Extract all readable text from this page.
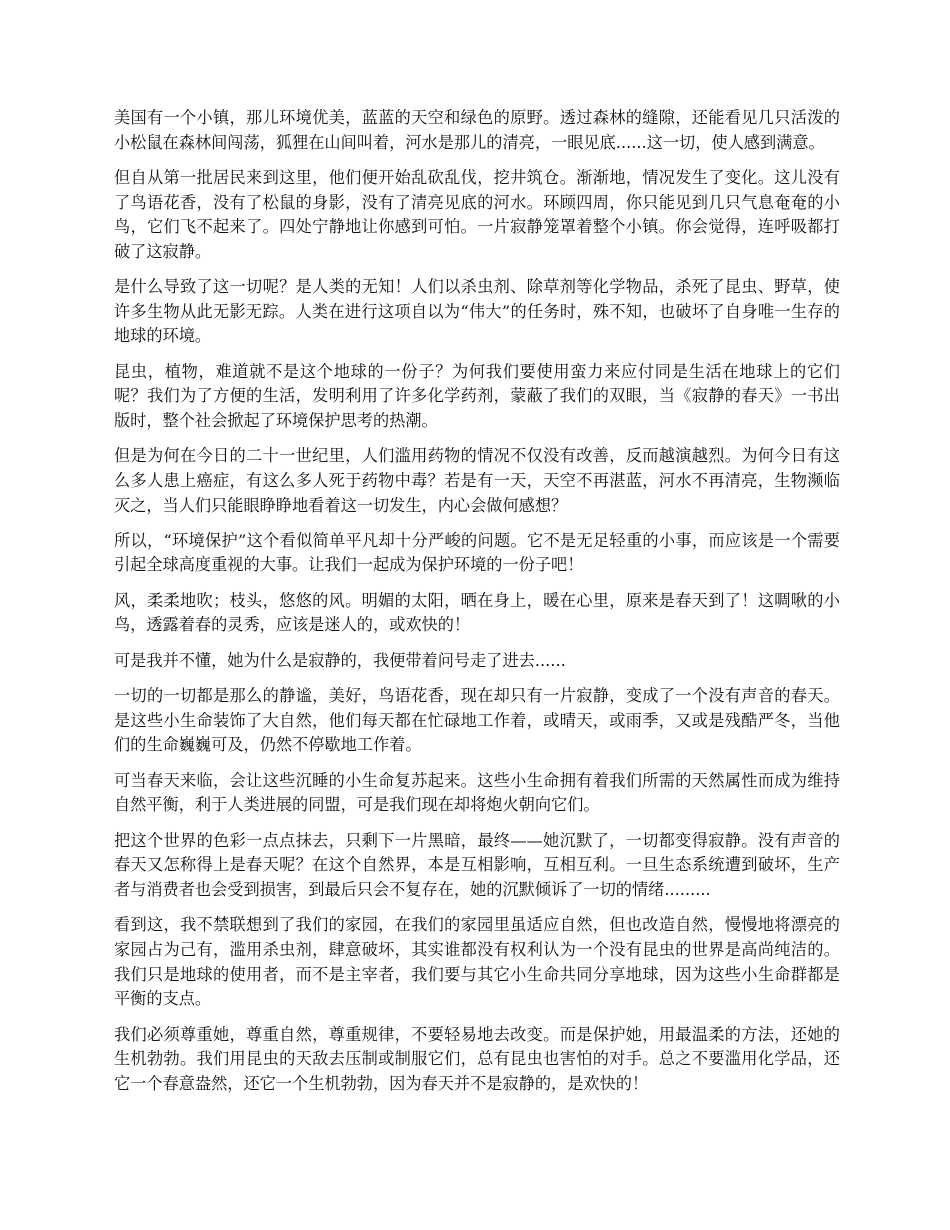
美国有一个小镇，那儿环境优美，蓝蓝的天空和绿色的原野。透过森林的缝隙，还能看见几只活泼的小松鼠在森林间闯荡，狐狸在山间叫着，河水是那儿的清亮，一眼见底......这一切，使人感到满意。

但自从第一批居民来到这里，他们便开始乱砍乱伐，挖井筑仓。渐渐地，情况发生了变化。这儿没有了鸟语花香，没有了松鼠的身影，没有了清亮见底的河水。环顾四周，你只能见到几只气息奄奄的小鸟，它们飞不起来了。四处宁静地让你感到可怕。一片寂静笼罩着整个小镇。你会觉得，连呼吸都打破了这寂静。

是什么导致了这一切呢？是人类的无知！人们以杀虫剂、除草剂等化学物品，杀死了昆虫、野草，使许多生物从此无影无踪。人类在进行这项自以为“伟大”的任务时，殊不知，也破坏了自身唯一生存的地球的环境。

昆虫，植物，难道就不是这个地球的一份子？为何我们要使用蛮力来应付同是生活在地球上的它们呢？我们为了方便的生活，发明利用了许多化学药剂，蒙蔽了我们的双眼，当《寂静的春天》一书出版时，整个社会掀起了环境保护思考的热潮。

但是为何在今日的二十一世纪里，人们滥用药物的情况不仅没有改善，反而越演越烈。为何今日有这么多人患上癌症，有这么多人死于药物中毒？若是有一天，天空不再湛蓝，河水不再清亮，生物濒临灭之，当人们只能眼睁睁地看着这一切发生，内心会做何感想？

所以，“环境保护”这个看似简单平凡却十分严峻的问题。它不是无足轻重的小事，而应该是一个需要引起全球高度重视的大事。让我们一起成为保护环境的一份子吧！

风，柔柔地吹；枝头，悠悠的风。明媚的太阳，晒在身上，暖在心里，原来是春天到了！这啁啾的小鸟，透露着春的灵秀，应该是迷人的，或欢快的！

可是我并不懂，她为什么是寂静的，我便带着问号走了进去......

一切的一切都是那么的静谧，美好，鸟语花香，现在却只有一片寂静，变成了一个没有声音的春天。是这些小生命装饰了大自然，他们每天都在忙碌地工作着，或晴天，或雨季，又或是残酷严冬，当他们的生命巍巍可及，仍然不停歇地工作着。

可当春天来临，会让这些沉睡的小生命复苏起来。这些小生命拥有着我们所需的天然属性而成为维持自然平衡，利于人类进展的同盟，可是我们现在却将炮火朝向它们。

把这个世界的色彩一点点抹去，只剩下一片黑暗，最终——她沉默了，一切都变得寂静。没有声音的春天又怎称得上是春天呢？在这个自然界，本是互相影响，互相互利。一旦生态系统遭到破坏，生产者与消费者也会受到损害，到最后只会不复存在，她的沉默倾诉了一切的情绪.........

看到这，我不禁联想到了我们的家园，在我们的家园里虽适应自然，但也改造自然，慢慢地将漂亮的家园占为己有，滥用杀虫剂，肆意破坏，其实谁都没有权利认为一个没有昆虫的世界是高尚纯洁的。我们只是地球的使用者，而不是主宰者，我们要与其它小生命共同分享地球，因为这些小生命群都是平衡的支点。

我们必须尊重她，尊重自然，尊重规律，不要轻易地去改变。而是保护她，用最温柔的方法，还她的生机勃勃。我们用昆虫的天敌去压制或制服它们，总有昆虫也害怕的对手。总之不要滥用化学品，还它一个春意盎然，还它一个生机勃勃，因为春天并不是寂静的，是欢快的！
